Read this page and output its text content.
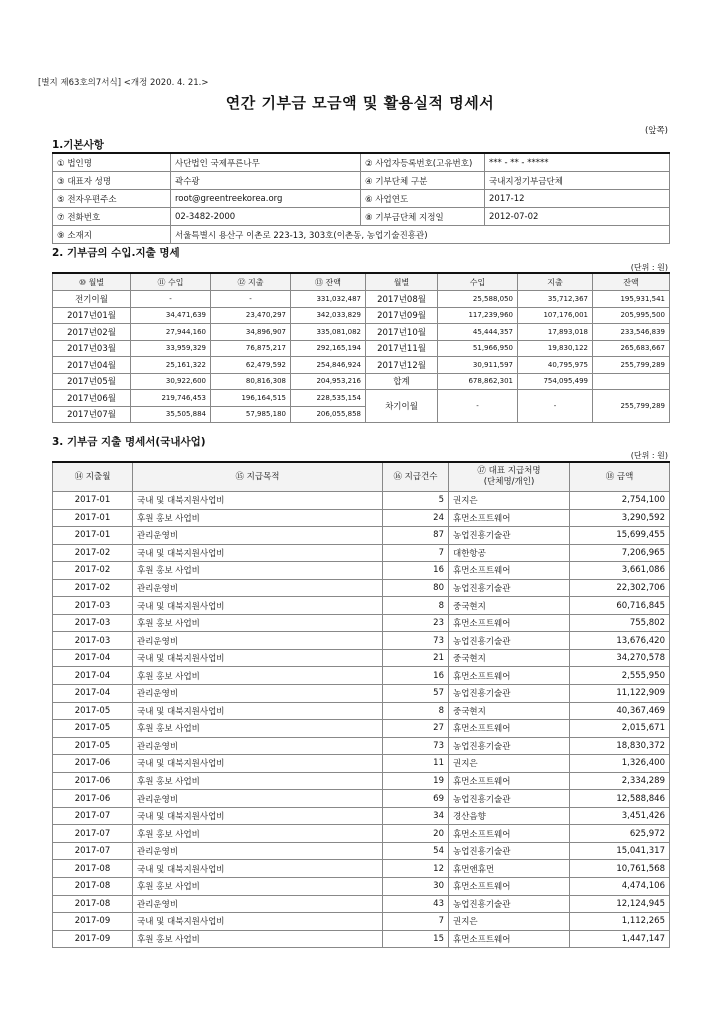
[별지 제63호의7서식] <개정 2020. 4. 21.>
연간 기부금 모금액 및 활용실적 명세서
(앞쪽)
1.기본사항
① 법인명	사단법인 국제푸른나무	② 사업자등록번호(고유번호)	*** - ** - *****
③ 대표자 성명	곽수광	④ 기부단체 구분	국내지정기부금단체
⑤ 전자우편주소	root@greentreekorea.org	⑥ 사업연도	2017-12
⑦ 전화번호	02-3482-2000	⑧ 기부금단체 지정일	2012-07-02
⑨ 소재지	서울특별시 용산구 이촌로 223-13, 303호(이촌동, 농업기술진흥관)		
2. 기부금의 수입.지출 명세
(단위 : 원)
⑩ 월별	⑪ 수입	⑫ 지출	⑬ 잔액	월별	수입	지출	잔액
전기이월	-	-	331,032,487	2017년08월	25,588,050	35,712,367	195,931,541
2017년01월	34,471,639	23,470,297	342,033,829	2017년09월	117,239,960	107,176,001	205,995,500
2017년02월	27,944,160	34,896,907	335,081,082	2017년10월	45,444,357	17,893,018	233,546,839
2017년03월	33,959,329	76,875,217	292,165,194	2017년11월	51,966,950	19,830,122	265,683,667
2017년04월	25,161,322	62,479,592	254,846,924	2017년12월	30,911,597	40,795,975	255,799,289
2017년05월	30,922,600	80,816,308	204,953,216	합계	678,862,301	754,095,499	
2017년06월	219,746,453	196,164,515	228,535,154	차기이월	-	-	255,799,289
2017년07월	35,505,884	57,985,180	206,055,858				
3. 기부금 지출 명세서(국내사업)
(단위 : 원)
⑭ 지출월	⑮ 지급목적	⑯ 지급건수	⑰ 대표 지급처명
(단체명/개인)	⑱ 금액
2017-01	국내 및 대북지원사업비	5	권지은	2,754,100
2017-01	후원 홍보 사업비	24	휴먼소프트웨어	3,290,592
2017-01	관리운영비	87	농업진흥기술관	15,699,455
2017-02	국내 및 대북지원사업비	7	대한항공	7,206,965
2017-02	후원 홍보 사업비	16	휴먼소프트웨어	3,661,086
2017-02	관리운영비	80	농업진흥기술관	22,302,706
2017-03	국내 및 대북지원사업비	8	중국현지	60,716,845
2017-03	후원 홍보 사업비	23	휴먼소프트웨어	755,802
2017-03	관리운영비	73	농업진흥기술관	13,676,420
2017-04	국내 및 대북지원사업비	21	중국현지	34,270,578
2017-04	후원 홍보 사업비	16	휴먼소프트웨어	2,555,950
2017-04	관리운영비	57	농업진흥기술관	11,122,909
2017-05	국내 및 대북지원사업비	8	중국현지	40,367,469
2017-05	후원 홍보 사업비	27	휴먼소프트웨어	2,015,671
2017-05	관리운영비	73	농업진흥기술관	18,830,372
2017-06	국내 및 대북지원사업비	11	권지은	1,326,400
2017-06	후원 홍보 사업비	19	휴먼소프트웨어	2,334,289
2017-06	관리운영비	69	농업진흥기술관	12,588,846
2017-07	국내 및 대북지원사업비	34	경산음향	3,451,426
2017-07	후원 홍보 사업비	20	휴먼소프트웨어	625,972
2017-07	관리운영비	54	농업진흥기술관	15,041,317
2017-08	국내 및 대북지원사업비	12	휴먼앤휴먼	10,761,568
2017-08	후원 홍보 사업비	30	휴먼소프트웨어	4,474,106
2017-08	관리운영비	43	농업진흥기술관	12,124,945
2017-09	국내 및 대북지원사업비	7	권지은	1,112,265
2017-09	후원 홍보 사업비	15	휴먼소프트웨어	1,447,147
